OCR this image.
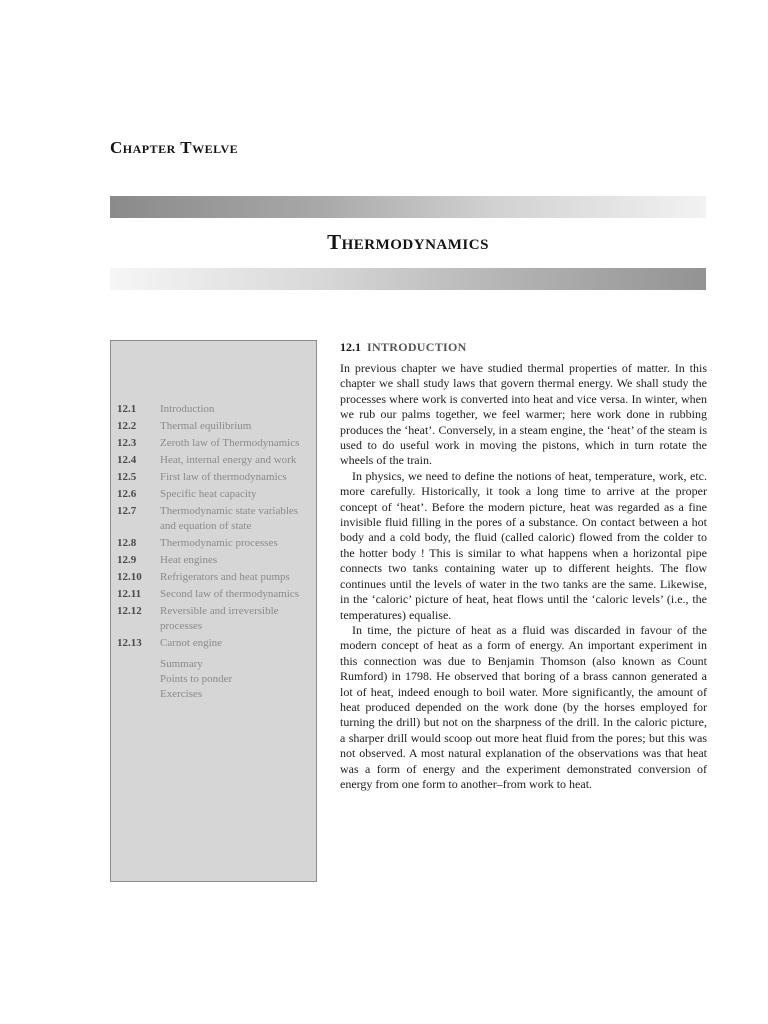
Chapter Twelve
Thermodynamics
12.1	Introduction
12.2	Thermal equilibrium
12.3	Zeroth law of Thermodynamics
12.4	Heat, internal energy and work
12.5	First law of thermodynamics
12.6	Specific heat capacity
12.7	Thermodynamic state variables and equation of state
12.8	Thermodynamic processes
12.9	Heat engines
12.10	Refrigerators and heat pumps
12.11	Second law of thermodynamics
12.12	Reversible and irreversible processes
12.13	Carnot engine
Summary
Points to ponder
Exercises
12.1 INTRODUCTION

In previous chapter we have studied thermal properties of matter. In this chapter we shall study laws that govern thermal energy. We shall study the processes where work is converted into heat and vice versa. In winter, when we rub our palms together, we feel warmer; here work done in rubbing produces the ‘heat’. Conversely, in a steam engine, the ‘heat’ of the steam is used to do useful work in moving the pistons, which in turn rotate the wheels of the train.

In physics, we need to define the notions of heat, temperature, work, etc. more carefully. Historically, it took a long time to arrive at the proper concept of ‘heat’. Before the modern picture, heat was regarded as a fine invisible fluid filling in the pores of a substance. On contact between a hot body and a cold body, the fluid (called caloric) flowed from the colder to the hotter body ! This is similar to what happens when a horizontal pipe connects two tanks containing water up to different heights. The flow continues until the levels of water in the two tanks are the same. Likewise, in the ‘caloric’ picture of heat, heat flows until the ‘caloric levels’ (i.e., the temperatures) equalise.

In time, the picture of heat as a fluid was discarded in favour of the modern concept of heat as a form of energy. An important experiment in this connection was due to Benjamin Thomson (also known as Count Rumford) in 1798. He observed that boring of a brass cannon generated a lot of heat, indeed enough to boil water. More significantly, the amount of heat produced depended on the work done (by the horses employed for turning the drill) but not on the sharpness of the drill. In the caloric picture, a sharper drill would scoop out more heat fluid from the pores; but this was not observed. A most natural explanation of the observations was that heat was a form of energy and the experiment demonstrated conversion of energy from one form to another–from work to heat.
